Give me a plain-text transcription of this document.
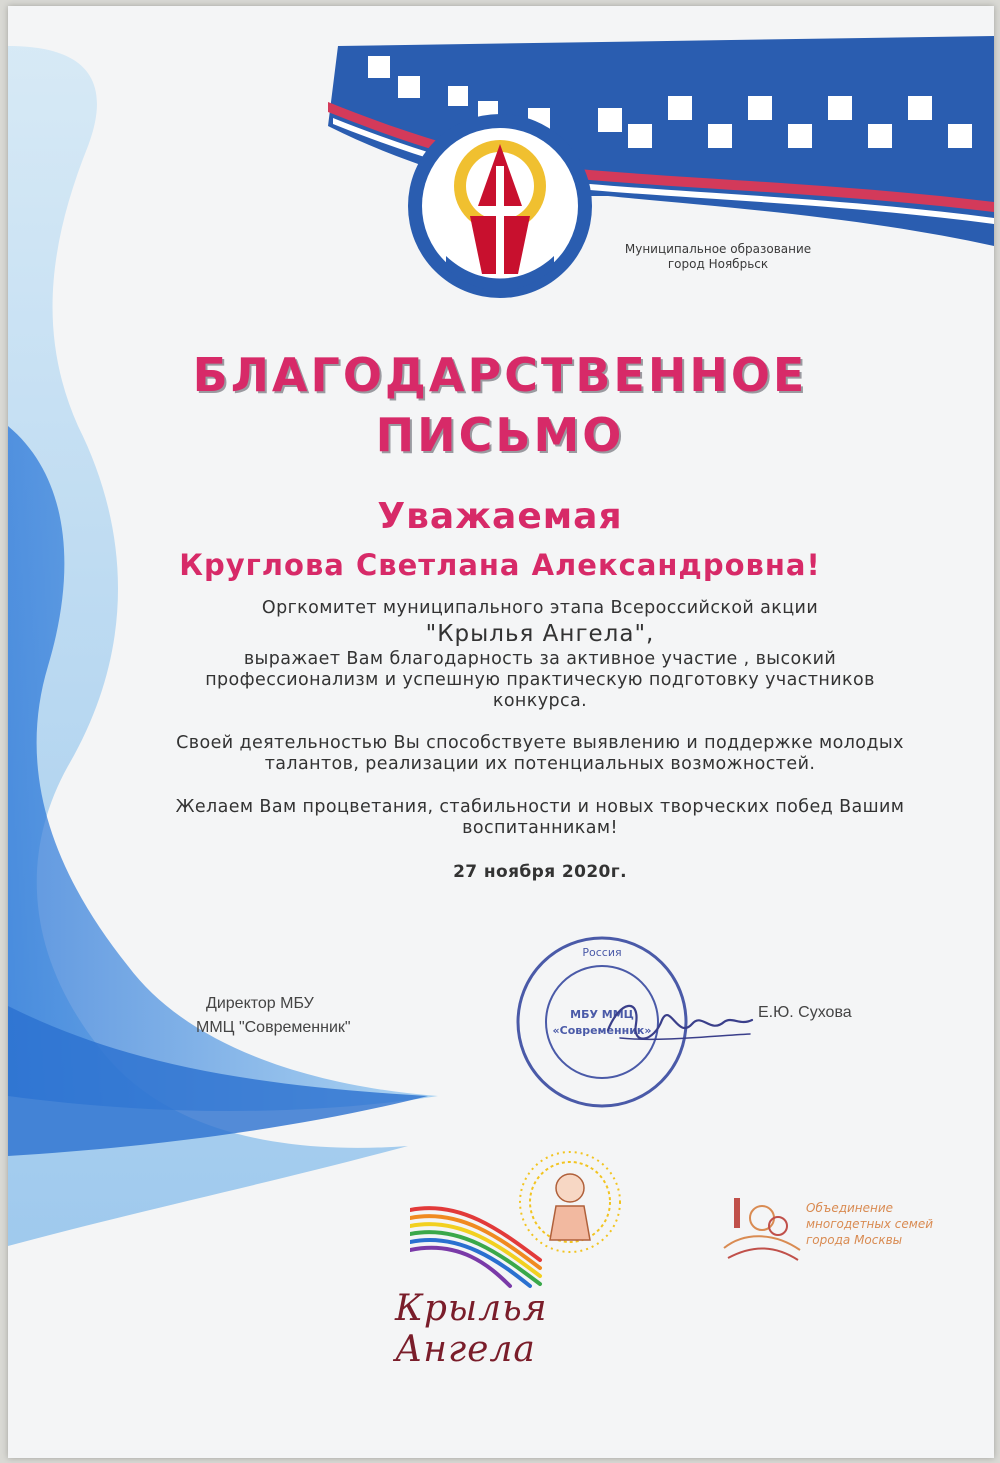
Муниципальное образование
город Ноябрьск
БЛАГОДАРСТВЕННОЕ
ПИСЬМО
Уважаемая
Круглова Светлана Александровна!

Оргкомитет муниципального этапа Всероссийской акции

"Крылья Ангела",

выражает Вам благодарность за активное участие , высокий профессионализм и успешную практическую подготовку участников конкурса.

Своей деятельностью Вы способствуете выявлению и поддержке молодых талантов, реализации их потенциальных возможностей.
Желаем Вам процветания, стабильности и новых творческих побед Вашим воспитанникам!
27 ноября 2020г.
Директор МБУ
ММЦ "Современник"
Россия
МБУ ММЦ
«Современник»
Е.Ю. Сухова
Крылья Ангела
Объединение
многодетных семей
города Москвы
